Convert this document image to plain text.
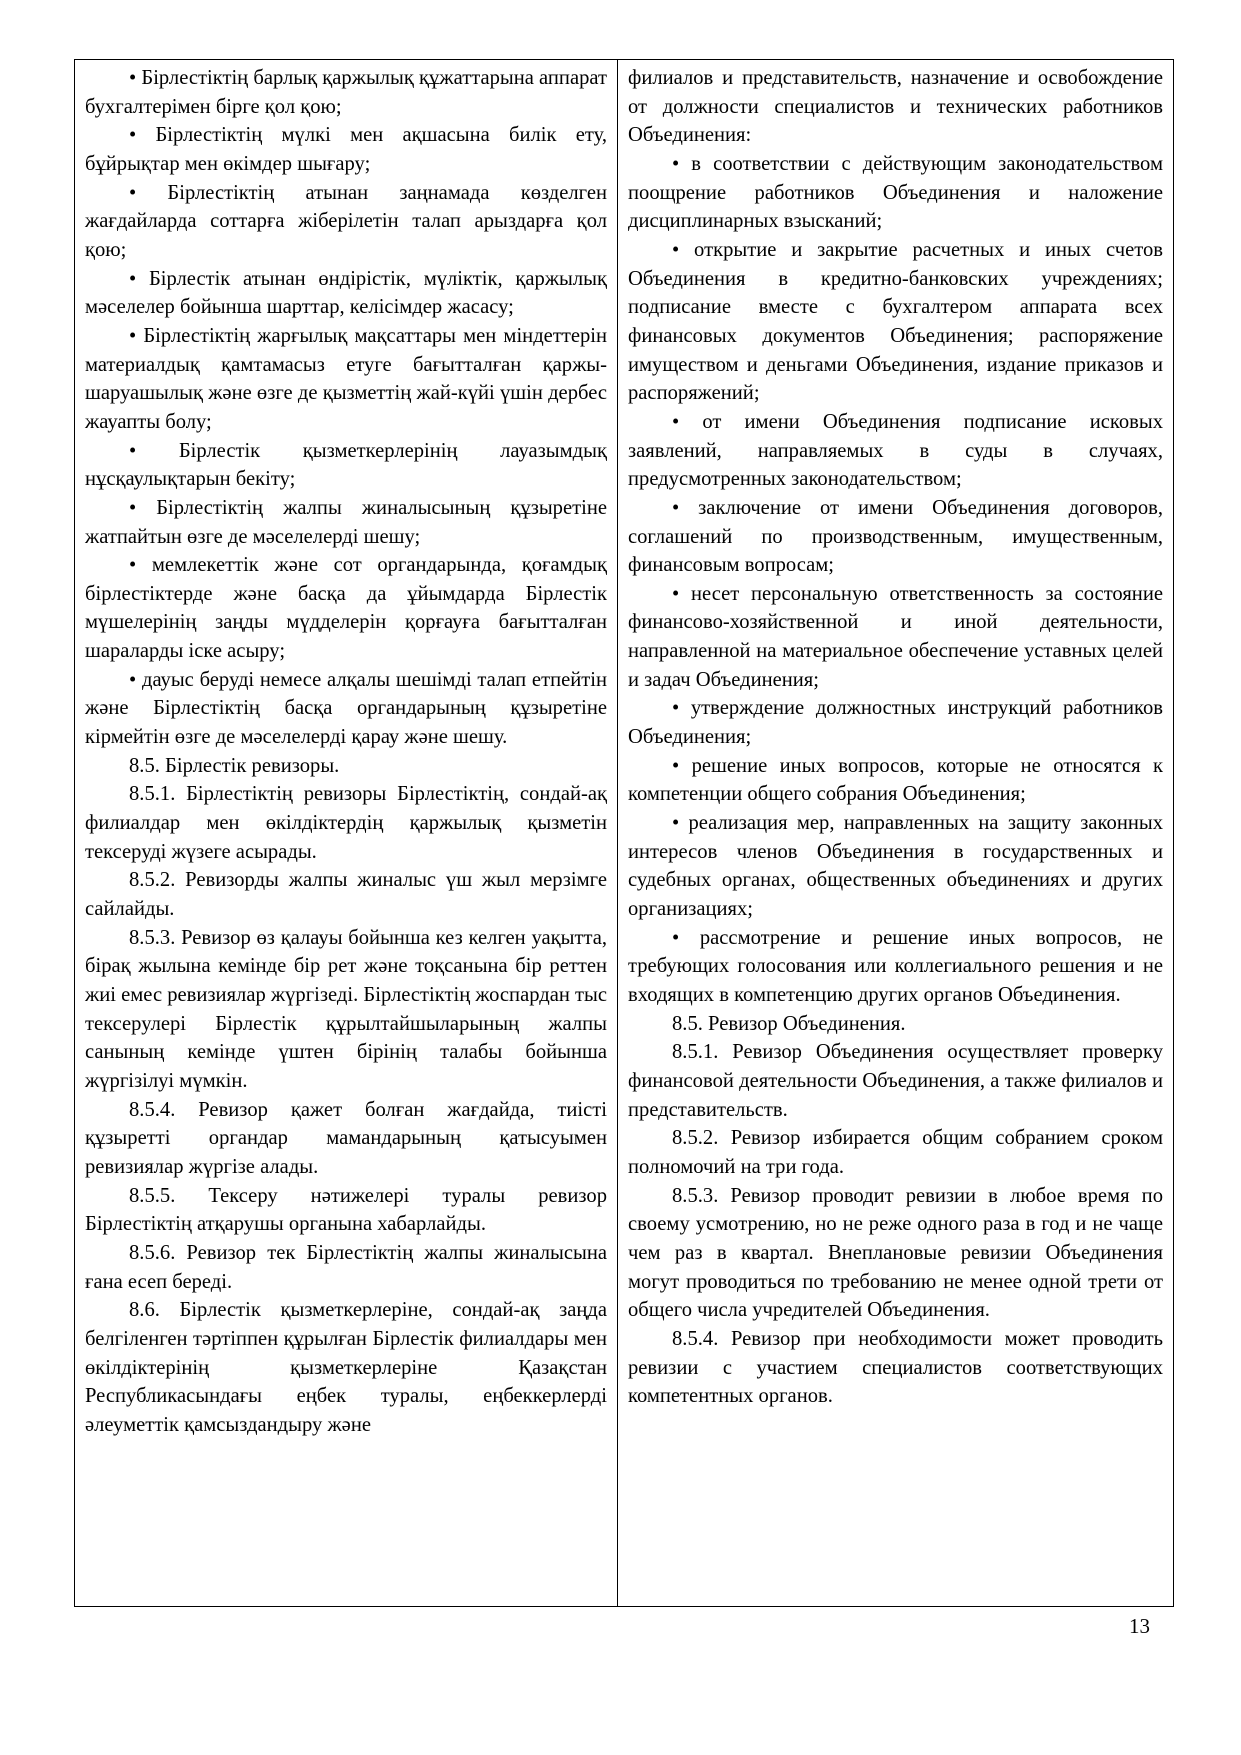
• Бірлестіктің барлық қаржылық құжаттарына аппарат бухгалтерімен бірге қол қою;

• Бірлестіктің мүлкі мен ақшасына билік ету, бұйрықтар мен өкімдер шығару;

• Бірлестіктің атынан заңнамада көзделген жағдайларда соттарға жіберілетін талап арыздарға қол қою;

• Бірлестік атынан өндірістік, мүліктік, қаржылық мәселелер бойынша шарттар, келісімдер жасасу;

• Бірлестіктің жарғылық мақсаттары мен міндеттерін материалдық қамтамасыз етуге бағытталған қаржы-шаруашылық және өзге де қызметтің жай-күйі үшін дербес жауапты болу;

• Бірлестік қызметкерлерінің лауазымдық нұсқаулықтарын бекіту;

• Бірлестіктің жалпы жиналысының құзыретіне жатпайтын өзге де мәселелерді шешу;

• мемлекеттік және сот органдарында, қоғамдық бірлестіктерде және басқа да ұйымдарда Бірлестік мүшелерінің заңды мүдделерін қорғауға бағытталған шараларды іске асыру;

• дауыс беруді немесе алқалы шешімді талап етпейтін және Бірлестіктің басқа органдарының құзыретіне кірмейтін өзге де мәселелерді қарау және шешу.

8.5. Бірлестік ревизоры.

8.5.1. Бірлестіктің ревизоры Бірлестіктің, сондай-ақ филиалдар мен өкілдіктердің қаржылық қызметін тексеруді жүзеге асырады.

8.5.2. Ревизорды жалпы жиналыс үш жыл мерзімге сайлайды.

8.5.3. Ревизор өз қалауы бойынша кез келген уақытта, бірақ жылына кемінде бір рет және тоқсанына бір реттен жиі емес ревизиялар жүргізеді. Бірлестіктің жоспардан тыс тексерулері Бірлестік құрылтайшыларының жалпы санының кемінде үштен бірінің талабы бойынша жүргізілуі мүмкін.

8.5.4. Ревизор қажет болған жағдайда, тиісті құзыретті органдар мамандарының қатысуымен ревизиялар жүргізе алады.

8.5.5. Тексеру нәтижелері туралы ревизор Бірлестіктің атқарушы органына хабарлайды.

8.5.6. Ревизор тек Бірлестіктің жалпы жиналысына ғана есеп береді.

8.6. Бірлестік қызметкерлеріне, сондай-ақ заңда белгіленген тәртіппен құрылған Бірлестік филиалдары мен өкілдіктерінің қызметкерлеріне Қазақстан Республикасындағы еңбек туралы, еңбеккерлерді әлеуметтік қамсыздандыру және

филиалов и представительств, назначение и освобождение от должности специалистов и технических работников Объединения:

• в соответствии с действующим законодательством поощрение работников Объединения и наложение дисциплинарных взысканий;

• открытие и закрытие расчетных и иных счетов Объединения в кредитно-банковских учреждениях; подписание вместе с бухгалтером аппарата всех финансовых документов Объединения; распоряжение имуществом и деньгами Объединения, издание приказов и распоряжений;

• от имени Объединения подписание исковых заявлений, направляемых в суды в случаях, предусмотренных законодательством;

• заключение от имени Объединения договоров, соглашений по производственным, имущественным, финансовым вопросам;

• несет персональную ответственность за состояние финансово-хозяйственной и иной деятельности, направленной на материальное обеспечение уставных целей и задач Объединения;

• утверждение должностных инструкций работников Объединения;

• решение иных вопросов, которые не относятся к компетенции общего собрания Объединения;

• реализация мер, направленных на защиту законных интересов членов Объединения в государственных и судебных органах, общественных объединениях и других организациях;

• рассмотрение и решение иных вопросов, не требующих голосования или коллегиального решения и не входящих в компетенцию других органов Объединения.

8.5. Ревизор Объединения.

8.5.1. Ревизор Объединения осуществляет проверку финансовой деятельности Объединения, а также филиалов и представительств.

8.5.2. Ревизор избирается общим собранием сроком полномочий на три года.

8.5.3. Ревизор проводит ревизии в любое время по своему усмотрению, но не реже одного раза в год и не чаще чем раз в квартал. Внеплановые ревизии Объединения могут проводиться по требованию не менее одной трети от общего числа учредителей Объединения.

8.5.4. Ревизор при необходимости может проводить ревизии с участием специалистов соответствующих компетентных органов.

13
